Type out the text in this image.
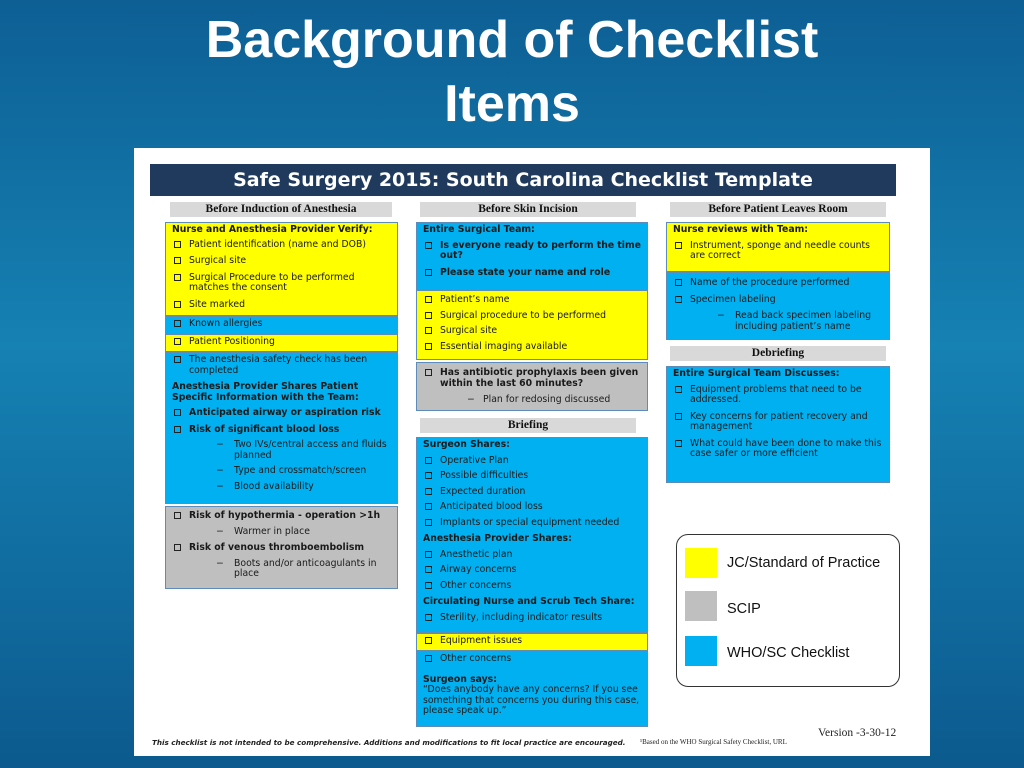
Background of Checklist
Items
Safe Surgery 2015: South Carolina Checklist Template
Before Induction of Anesthesia
Nurse and Anesthesia Provider Verify:
Patient identification (name and DOB)
Surgical site
Surgical Procedure to be performed matches the consent
Site marked
Known allergies
Patient Positioning
The anesthesia safety check has been completed
Anesthesia Provider Shares Patient Specific Information with the Team:
Anticipated airway or aspiration risk
Risk of significant blood loss
− Two IVs/central access and fluids planned
− Type and crossmatch/screen
− Blood availability
Risk of hypothermia - operation >1h
− Warmer in place
Risk of venous thromboembolism
− Boots and/or anticoagulants in place
Before Skin Incision
Entire Surgical Team:
Is everyone ready to perform the time out?
Please state your name and role
Patient’s name
Surgical procedure to be performed
Surgical site
Essential imaging available
Has antibiotic prophylaxis been given within the last 60 minutes?
− Plan for redosing discussed
Briefing
Surgeon Shares:
Operative Plan
Possible difficulties
Expected duration
Anticipated blood loss
Implants or special equipment needed
Anesthesia Provider Shares:
Anesthetic plan
Airway concerns
Other concerns
Circulating Nurse and Scrub Tech Share:
Sterility, including indicator results
Equipment issues
Other concerns
Surgeon says:
“Does anybody have any concerns? If you see something that concerns you during this case, please speak up.”
Before Patient Leaves Room
Nurse reviews with Team:
Instrument, sponge and needle counts are correct
Name of the procedure performed
Specimen labeling
− Read back specimen labeling including patient’s name
Debriefing
Entire Surgical Team Discusses:
Equipment problems that need to be addressed.
Key concerns for patient recovery and management
What could have been done to make this case safer or more efficient
This checklist is not intended to be comprehensive. Additions and modifications to fit local practice are encouraged.	¹Based on the WHO Surgical Safety Checklist, URL
Version -3-30-12
JC/Standard of Practice
SCIP
WHO/SC Checklist
